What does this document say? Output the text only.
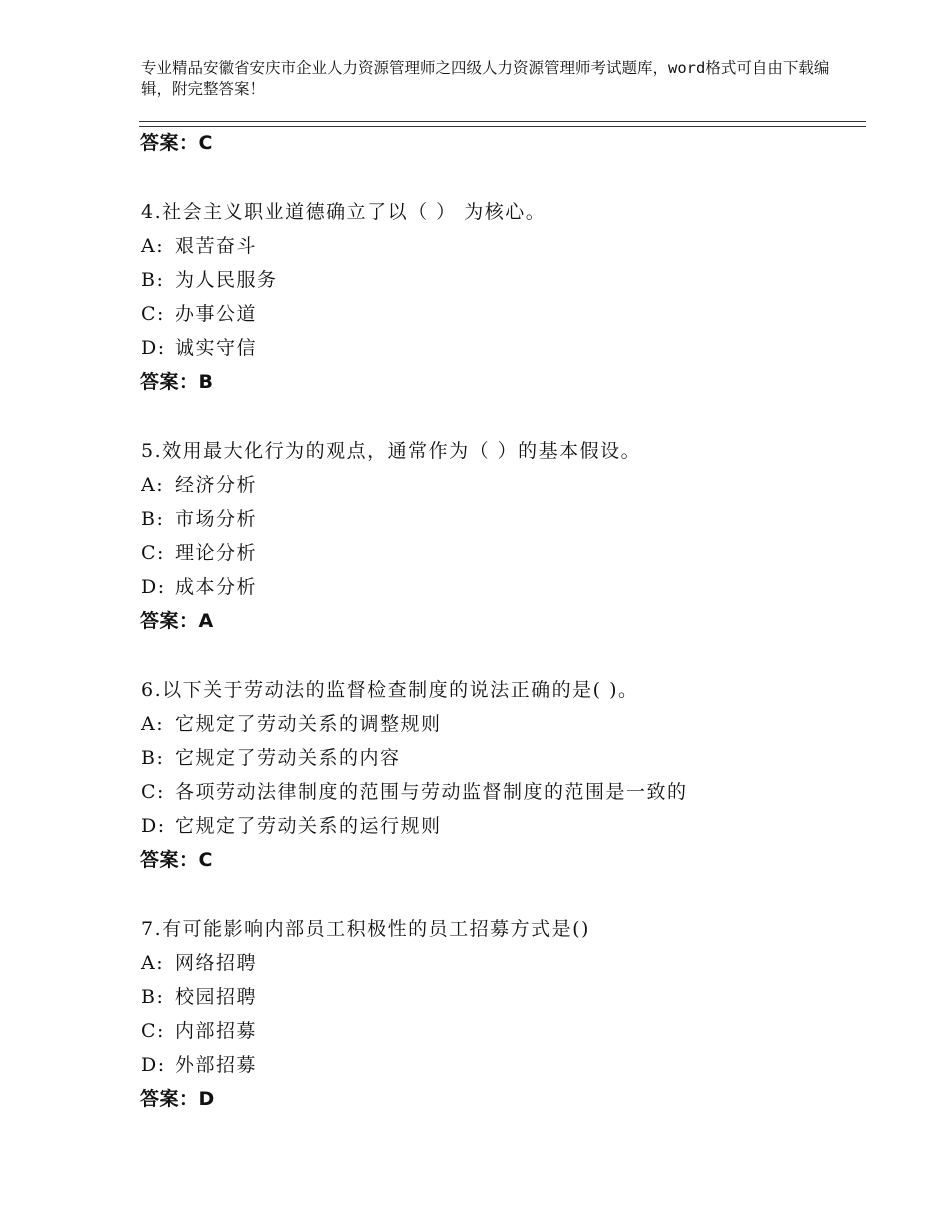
专业精品安徽省安庆市企业人力资源管理师之四级人力资源管理师考试题库，word格式可自由下载编辑，附完整答案！
答案：C
4.社会主义职业道德确立了以（ ） 为核心。
A: 艰苦奋斗
B: 为人民服务
C: 办事公道
D: 诚实守信
答案：B
5.效用最大化行为的观点，通常作为（ ）的基本假设。
A: 经济分析
B: 市场分析
C: 理论分析
D: 成本分析
答案：A
6.以下关于劳动法的监督检查制度的说法正确的是( )。
A: 它规定了劳动关系的调整规则
B: 它规定了劳动关系的内容
C: 各项劳动法律制度的范围与劳动监督制度的范围是一致的
D: 它规定了劳动关系的运行规则
答案：C
7.有可能影响内部员工积极性的员工招募方式是()
A: 网络招聘
B: 校园招聘
C: 内部招募
D: 外部招募
答案：D
